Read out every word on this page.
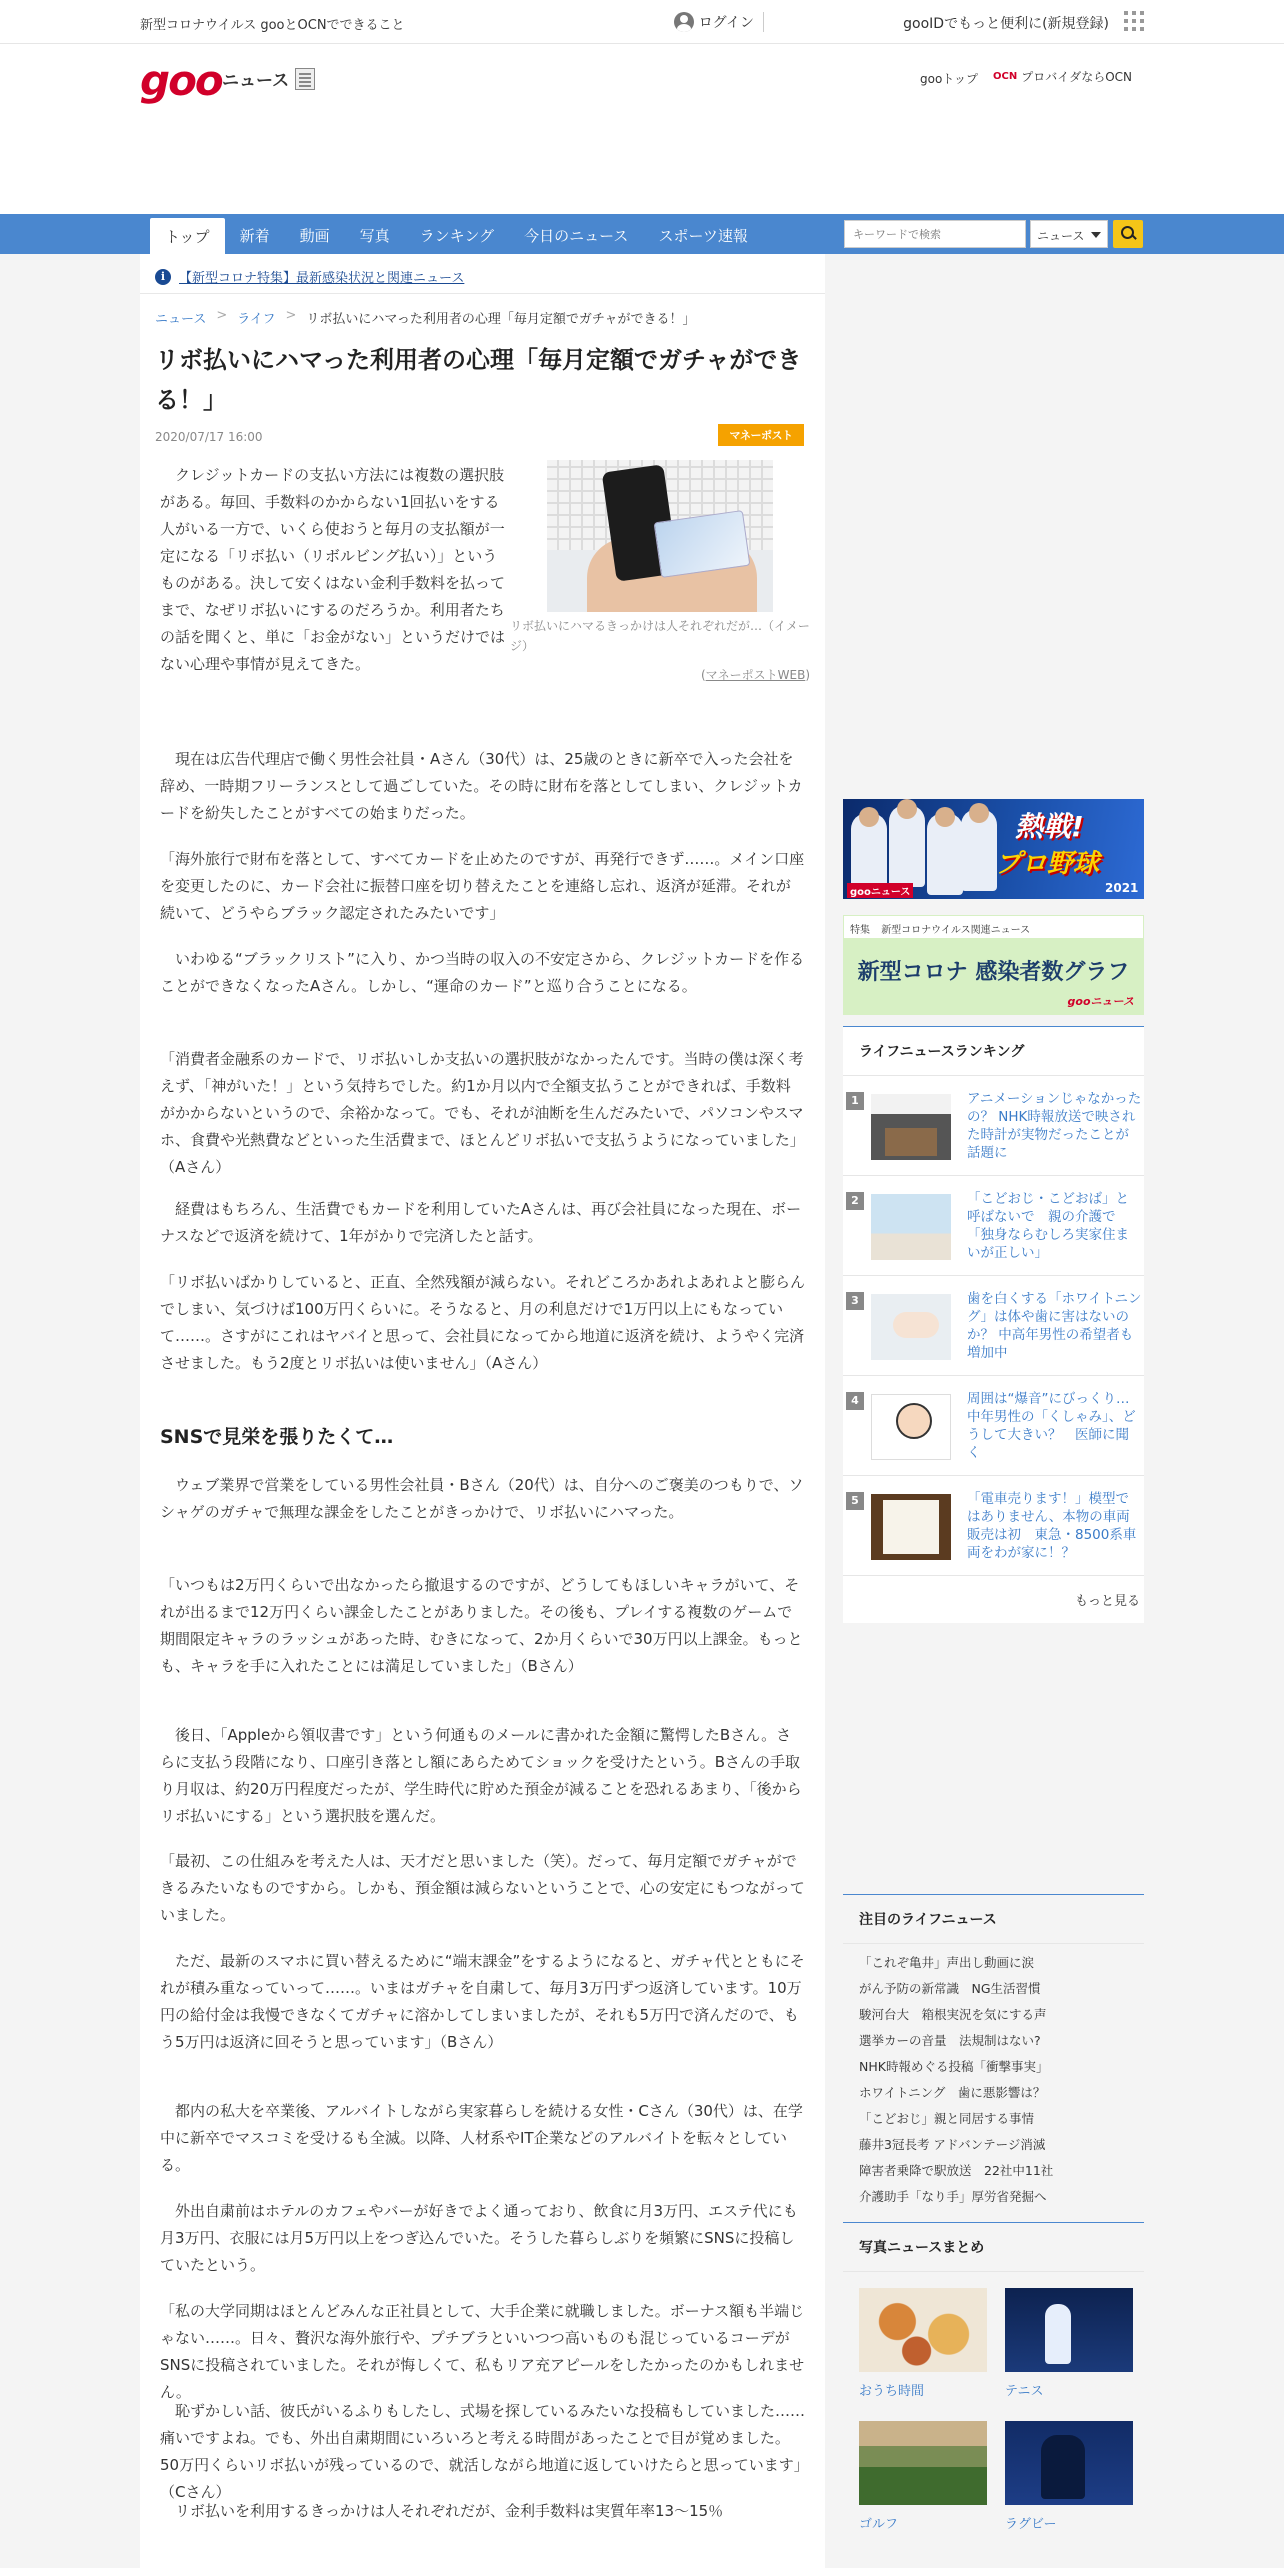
新型コロナウイルス gooとOCNでできること	ログイン	gooIDでもっと便利に(新規登録)
goo ニュース	gooトップ OCN プロバイダならOCN
トップ	新着	動画	写真	ランキング	今日のニュース	スポーツ速報
キーワードで検索	ニュース
i	【新型コロナ特集】最新感染状況と関連ニュース
ニュース > ライフ > リボ払いにハマった利用者の心理「毎月定額でガチャができる！」
リボ払いにハマった利用者の心理「毎月定額でガチャができる！」
2020/07/17 16:00	マネーポスト
リボ払いにハマるきっかけは人それぞれだが…（イメージ）
(マネーポストWEB)

クレジットカードの支払い方法には複数の選択肢がある。毎回、手数料のかからない1回払いをする人がいる一方で、いくら使おうと毎月の支払額が一定になる「リボ払い（リボルビング払い）」というものがある。決して安くはない金利手数料を払ってまで、なぜリボ払いにするのだろうか。利用者たちの話を聞くと、単に「お金がない」というだけではない心理や事情が見えてきた。

現在は広告代理店で働く男性会社員・Aさん（30代）は、25歳のときに新卒で入った会社を辞め、一時期フリーランスとして過ごしていた。その時に財布を落としてしまい、クレジットカードを紛失したことがすべての始まりだった。

「海外旅行で財布を落として、すべてカードを止めたのですが、再発行できず……。メイン口座を変更したのに、カード会社に振替口座を切り替えたことを連絡し忘れ、返済が延滞。それが続いて、どうやらブラック認定されたみたいです」

いわゆる“ブラックリスト”に入り、かつ当時の収入の不安定さから、クレジットカードを作ることができなくなったAさん。しかし、“運命のカード”と巡り合うことになる。

「消費者金融系のカードで、リボ払いしか支払いの選択肢がなかったんです。当時の僕は深く考えず、「神がいた！」という気持ちでした。約1か月以内で全額支払うことができれば、手数料がかからないというので、余裕かなって。でも、それが油断を生んだみたいで、パソコンやスマホ、食費や光熱費などといった生活費まで、ほとんどリボ払いで支払うようになっていました」（Aさん）

経費はもちろん、生活費でもカードを利用していたAさんは、再び会社員になった現在、ボーナスなどで返済を続けて、1年がかりで完済したと話す。

「リボ払いばかりしていると、正直、全然残額が減らない。それどころかあれよあれよと膨らんでしまい、気づけば100万円くらいに。そうなると、月の利息だけで1万円以上にもなっていて……。さすがにこれはヤバイと思って、会社員になってから地道に返済を続け、ようやく完済させました。もう2度とリボ払いは使いません」（Aさん）

SNSで見栄を張りたくて…

ウェブ業界で営業をしている男性会社員・Bさん（20代）は、自分へのご褒美のつもりで、ソシャゲのガチャで無理な課金をしたことがきっかけで、リボ払いにハマった。

「いつもは2万円くらいで出なかったら撤退するのですが、どうしてもほしいキャラがいて、それが出るまで12万円くらい課金したことがありました。その後も、プレイする複数のゲームで期間限定キャラのラッシュがあった時、むきになって、2か月くらいで30万円以上課金。もっとも、キャラを手に入れたことには満足していました」（Bさん）

後日、「Appleから領収書です」という何通ものメールに書かれた金額に驚愕したBさん。さらに支払う段階になり、口座引き落とし額にあらためてショックを受けたという。Bさんの手取り月収は、約20万円程度だったが、学生時代に貯めた預金が減ることを恐れるあまり、「後からリボ払いにする」という選択肢を選んだ。

「最初、この仕組みを考えた人は、天才だと思いました（笑）。だって、毎月定額でガチャができるみたいなものですから。しかも、預金額は減らないということで、心の安定にもつながっていました。

ただ、最新のスマホに買い替えるために“端末課金”をするようになると、ガチャ代とともにそれが積み重なっていって……。いまはガチャを自粛して、毎月3万円ずつ返済しています。10万円の給付金は我慢できなくてガチャに溶かしてしまいましたが、それも5万円で済んだので、もう5万円は返済に回そうと思っています」（Bさん）

都内の私大を卒業後、アルバイトしながら実家暮らしを続ける女性・Cさん（30代）は、在学中に新卒でマスコミを受けるも全滅。以降、人材系やIT企業などのアルバイトを転々としている。

外出自粛前はホテルのカフェやバーが好きでよく通っており、飲食に月3万円、エステ代にも月3万円、衣服には月5万円以上をつぎ込んでいた。そうした暮らしぶりを頻繁にSNSに投稿していたという。

「私の大学同期はほとんどみんな正社員として、大手企業に就職しました。ボーナス額も半端じゃない……。日々、贅沢な海外旅行や、プチブラといいつつ高いものも混じっているコーデがSNSに投稿されていました。それが悔しくて、私もリア充アピールをしたかったのかもしれません。

恥ずかしい話、彼氏がいるふりもしたし、式場を探しているみたいな投稿もしていました……痛いですよね。でも、外出自粛期間にいろいろと考える時間があったことで目が覚めました。50万円くらいリボ払いが残っているので、就活しながら地道に返していけたらと思っています」（Cさん）

リボ払いを利用するきっかけは人それぞれだが、金利手数料は実質年率13～15％

熱戦!
プロ野球
2021
gooニュース
特集 新型コロナウイルス関連ニュース
新型コロナ 感染者数グラフ
gooニュース
ライフニュースランキング
1	アニメーションじゃなかったの？ NHK時報放送で映された時計が実物だったことが話題に
2	「こどおじ・こどおば」と呼ばないで　親の介護で「独身ならむしろ実家住まいが正しい」
3	歯を白くする「ホワイトニング」は体や歯に害はないのか？ 中高年男性の希望者も増加中
4	周囲は“爆音”にびっくり…中年男性の「くしゃみ」、どうして大きい？　医師に聞く
5	「電車売ります！」模型ではありません、本物の車両販売は初　東急・8500系車両をわが家に！？
もっと見る
注目のライフニュース
「これぞ亀井」声出し動画に涙
がん予防の新常識　NG生活習慣
駿河台大　箱根実況を気にする声
選挙カーの音量　法規制はない?
NHK時報めぐる投稿「衝撃事実」
ホワイトニング　歯に悪影響は？
「こどおじ」親と同居する事情
藤井3冠長考 アドバンテージ消滅
障害者乗降で駅放送　22社中11社
介護助手「なり手」厚労省発掘へ
写真ニュースまとめ
おうち時間	テニス
ゴルフ	ラグビー
